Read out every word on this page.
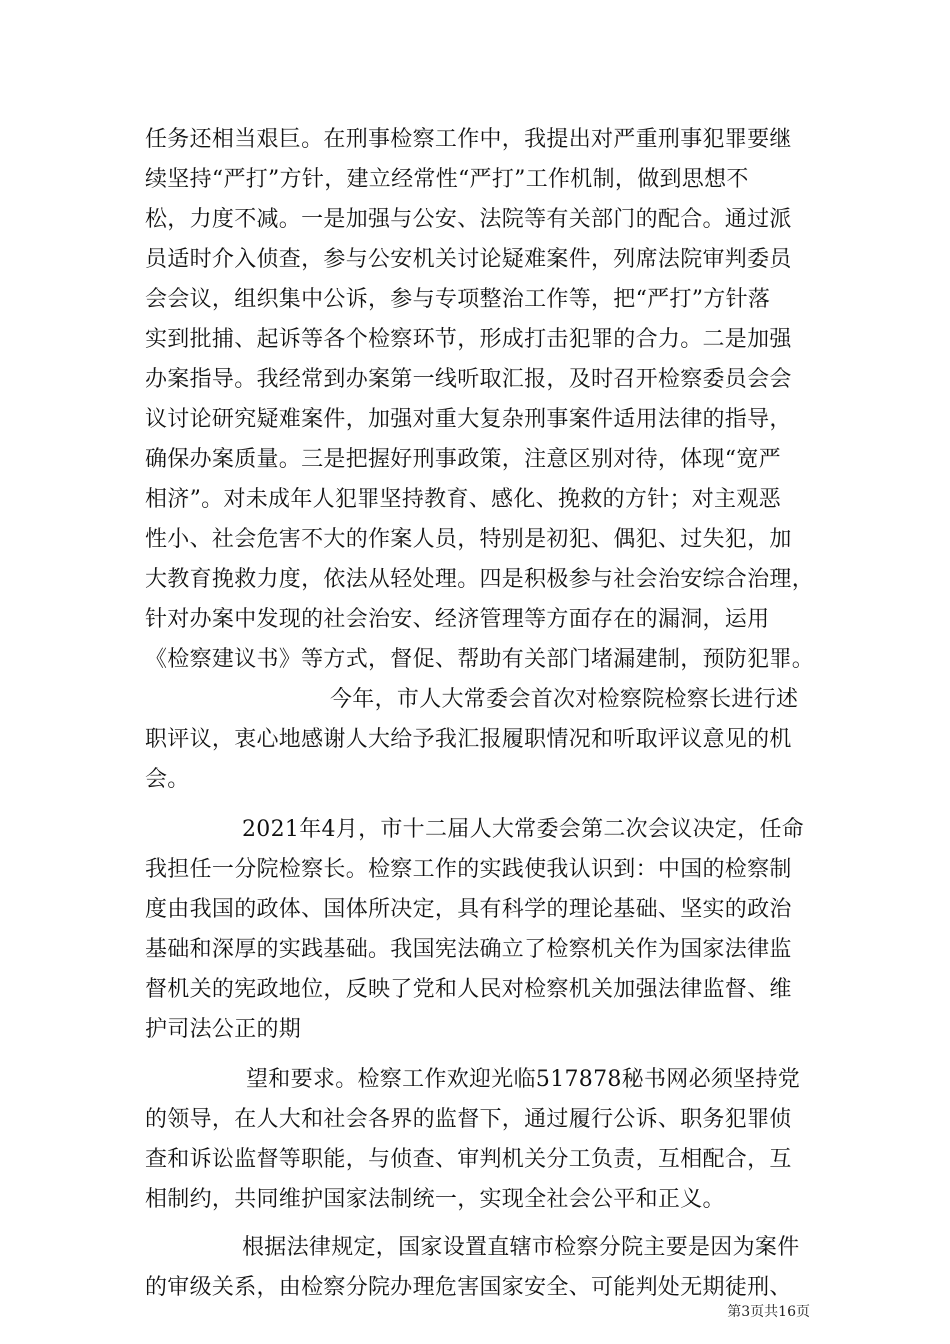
任务还相当艰巨。在刑事检察工作中，我提出对严重刑事犯罪要继
续坚持“严打”方针，建立经常性“严打”工作机制，做到思想不
松，力度不减。一是加强与公安、法院等有关部门的配合。通过派
员适时介入侦查，参与公安机关讨论疑难案件，列席法院审判委员
会会议，组织集中公诉，参与专项整治工作等，把“严打”方针落
实到批捕、起诉等各个检察环节，形成打击犯罪的合力。二是加强
办案指导。我经常到办案第一线听取汇报，及时召开检察委员会会
议讨论研究疑难案件，加强对重大复杂刑事案件适用法律的指导，
确保办案质量。三是把握好刑事政策，注意区别对待，体现“宽严
相济”。对未成年人犯罪坚持教育、感化、挽救的方针；对主观恶
性小、社会危害不大的作案人员，特别是初犯、偶犯、过失犯，加
大教育挽救力度，依法从轻处理。四是积极参与社会治安综合治理，
针对办案中发现的社会治安、经济管理等方面存在的漏洞，运用
《检察建议书》等方式，督促、帮助有关部门堵漏建制，预防犯罪。
今年，市人大常委会首次对检察院检察长进行述
职评议，衷心地感谢人大给予我汇报履职情况和听取评议意见的机
会。
2021年4月，市十二届人大常委会第二次会议决定，任命
我担任一分院检察长。检察工作的实践使我认识到：中国的检察制
度由我国的政体、国体所决定，具有科学的理论基础、坚实的政治
基础和深厚的实践基础。我国宪法确立了检察机关作为国家法律监
督机关的宪政地位，反映了党和人民对检察机关加强法律监督、维
护司法公正的期
望和要求。检察工作欢迎光临517878秘书网必须坚持党
的领导，在人大和社会各界的监督下，通过履行公诉、职务犯罪侦
查和诉讼监督等职能，与侦查、审判机关分工负责，互相配合，互
相制约，共同维护国家法制统一，实现全社会公平和正义。
根据法律规定，国家设置直辖市检察分院主要是因为案件
的审级关系，由检察分院办理危害国家安全、可能判处无期徒刑、
第3页共16页
